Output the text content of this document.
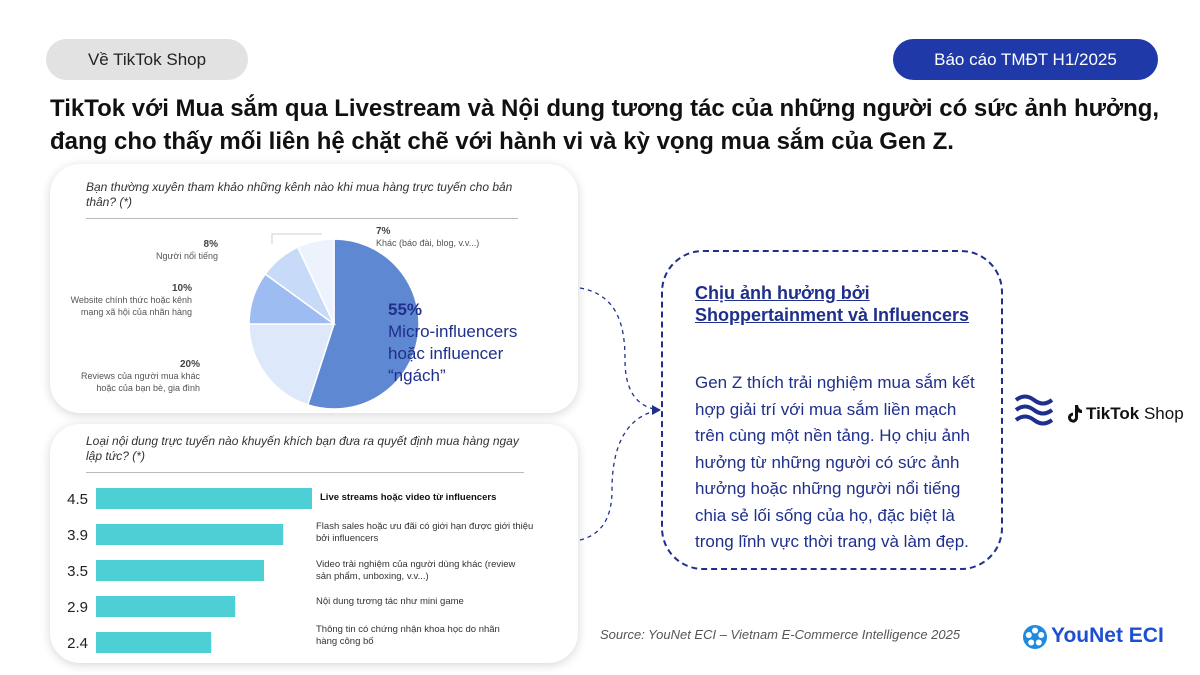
Về TikTok Shop	Báo cáo TMĐT H1/2025
TikTok với Mua sắm qua Livestream và Nội dung tương tác của những người có sức ảnh hưởng, đang cho thấy mối liên hệ chặt chẽ với hành vi và kỳ vọng mua sắm của Gen Z.
Bạn thường xuyên tham khảo những kênh nào khi mua hàng trực tuyến cho bản thân? (*)
7%
Khác (báo đài, blog, v.v...)
8%
Người nổi tiếng
10%
Website chính thức hoặc kênh
mạng xã hội của nhãn hàng
20%
Reviews của người mua khác
hoặc của bạn bè, gia đình
55%
Micro-influencers
hoặc influencer
“ngách”
Loại nội dung trực tuyến nào khuyến khích bạn đưa ra quyết định mua hàng ngay lập tức? (*)
4.5
3.9
3.5
2.9
2.4
Live streams hoặc video từ influencers
Flash sales hoặc ưu đãi có giới hạn được giới thiệu
bởi influencers
Video trải nghiệm của người dùng khác (review
sản phẩm, unboxing, v.v...)
Nội dung tương tác như mini game
Thông tin có chứng nhận khoa học do nhãn
hàng công bố
Chịu ảnh hưởng bởi Shoppertainment và Influencers
Gen Z thích trải nghiệm mua sắm kết hợp giải trí với mua sắm liền mạch trên cùng một nền tảng. Họ chịu ảnh hưởng từ những người có sức ảnh hưởng hoặc những người nổi tiếng chia sẻ lối sống của họ, đặc biệt là trong lĩnh vực thời trang và làm đẹp.
TikTok Shop
Source: YouNet ECI – Vietnam E-Commerce Intelligence 2025	YouNet ECI
